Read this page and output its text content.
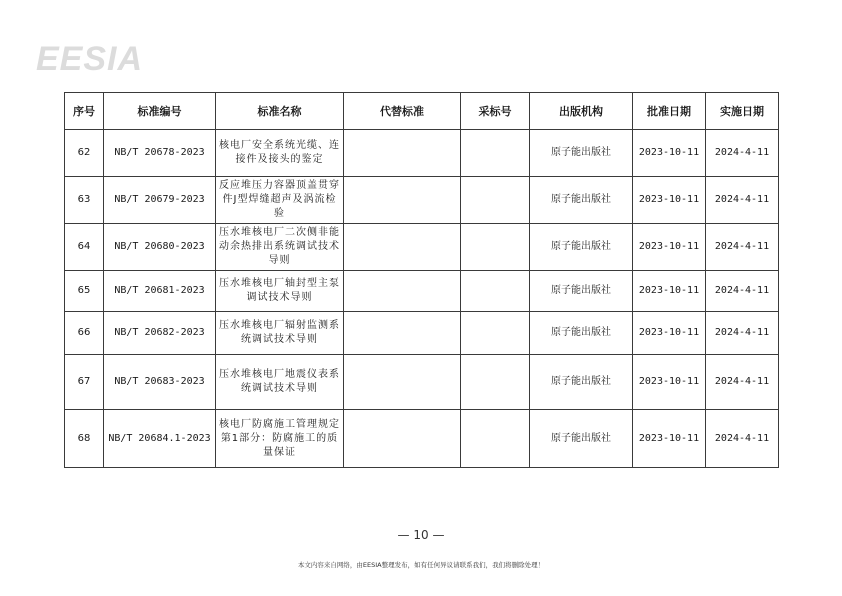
EESIA
序号	标准编号	标准名称	代替标准	采标号	出版机构	批准日期	实施日期
62	NB/T 20678-2023	核电厂安全系统光缆、连接件及接头的鉴定			原子能出版社	2023-10-11	2024-4-11
63	NB/T 20679-2023	反应堆压力容器顶盖贯穿件J型焊缝超声及涡流检验			原子能出版社	2023-10-11	2024-4-11
64	NB/T 20680-2023	压水堆核电厂二次侧非能动余热排出系统调试技术导则			原子能出版社	2023-10-11	2024-4-11
65	NB/T 20681-2023	压水堆核电厂轴封型主泵调试技术导则			原子能出版社	2023-10-11	2024-4-11
66	NB/T 20682-2023	压水堆核电厂辐射监测系统调试技术导则			原子能出版社	2023-10-11	2024-4-11
67	NB/T 20683-2023	压水堆核电厂地震仪表系统调试技术导则			原子能出版社	2023-10-11	2024-4-11
68	NB/T 20684.1-2023	核电厂防腐施工管理规定 第1部分：防腐施工的质量保证			原子能出版社	2023-10-11	2024-4-11
— 10 —
本文内容来自网络，由EESIA整理发布，如有任何异议请联系我们，我们将删除处理！
